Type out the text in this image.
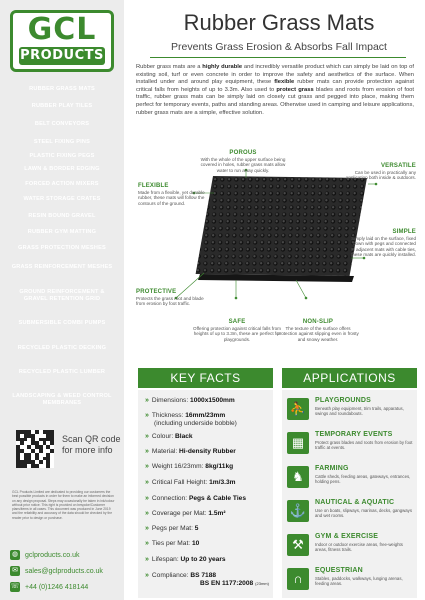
GCL
PRODUCTS
RUBBER GRASS MATS
RUBBER PLAY TILES
BELT CONVEYORS
STEEL FIXING PINS
PLASTIC FIXING PEGS
LAWN & BORDER EDGING
FORCED ACTION MIXERS
WATER STORAGE CRATES
RESIN BOUND GRAVEL
RUBBER GYM MATTING
GRASS PROTECTION MESHES
GRASS REINFORCEMENT MESHES
GROUND REINFORCEMENT & GRAVEL RETENTION GRID
SUBMERSIBLE COMBI PUMPS
RECYCLED PLASTIC DECKING
RECYCLED PLASTIC LUMBER
LANDSCAPING & WEED CONTROL MEMBRANES
Scan QR code for more info
GCL Products Limited are dedicated to providing our customers the best possible products in order for them to make an informed decision on any design proposal. Steps may occasionally be taken in ink/colour without prior notice. This right is provided on bespoke/Customer plans/items in all cases. This document was produced in June 2019 and the reliability and accuracy of the data should be checked by the reader prior to design or purchase.
◍ gclproducts.co.uk
✉ sales@gclproducts.co.uk
☏ +44 (0)1246 418144
Rubber Grass Mats
Prevents Grass Erosion & Absorbs Fall Impact
Rubber grass mats are a highly durable and incredibly versatile product which can simply be laid on top of existing soil, turf or even concrete in order to improve the safety and aesthetics of the surface. When installed under and around play equipment, these flexible rubber mats can provide protection against critical falls from heights of up to 3.3m. Also used to protect grass blades and roots from erosion of foot traffic, rubber grass mats can be simply laid on closely cut grass and pegged into place, making them perfect for temporary events, paths and standing areas. Otherwise used in camping and leisure applications, rubber grass mats are a simple, effective solution.
POROUS
With the whole of the upper surface being covered in holes, rubber grass mats allow water to run away quickly.
VERSATILE
Can be used in practically any application both inside & outdoors.
FLEXIBLE
Made from a flexible, yet durable rubber, these mats will follow the contours of the ground.
SIMPLE
Simply laid on the surface, fixed down with pegs and connected to adjacent mats with cable ties, these mats are quickly installed.
PROTECTIVE
Protects the grass root and blade from erosion by foot traffic.
SAFE
Offering protection against critical falls from heights of up to 3.3m, these are perfect for playgrounds.
NON-SLIP
The texture of the surface offers protection against slipping even in frosty and snowy weather.
KEY FACTS
» Dimensions: 1000x1500mm
» Thickness: 16mm/23mm
(including underside bobble)
» Colour: Black
» Material: Hi-density Rubber
» Weight 16/23mm: 8kg/11kg
» Critical Fall Height: 1m/3.3m
» Connection: Pegs & Cable Ties
» Coverage per Mat: 1.5m²
» Pegs per Mat: 5
» Ties per Mat: 10
» Lifespan: Up to 20 years
» Compliance: BS 7188
BS EN 1177:2008 (23mm)
APPLICATIONS
⛹
PLAYGROUNDS
Beneath play equipment, trim trails, apparatus, swings and roundabouts.
▦
TEMPORARY EVENTS
Protect grass blades and roots from erosion by foot traffic at events.
♞
FARMING
Cattle sheds, feeding areas, gateways, entrances, holding pens.
⚓
NAUTICAL & AQUATIC
Use on boats, slipways, marinas, decks, gangways and wet rooms.
⚒
GYM & EXERCISE
Indoor or outdoor exercise areas, free-weights areas, fitness trails.
∩
EQUESTRIAN
Stables, paddocks, walkways, lunging arenas, feeding areas.
